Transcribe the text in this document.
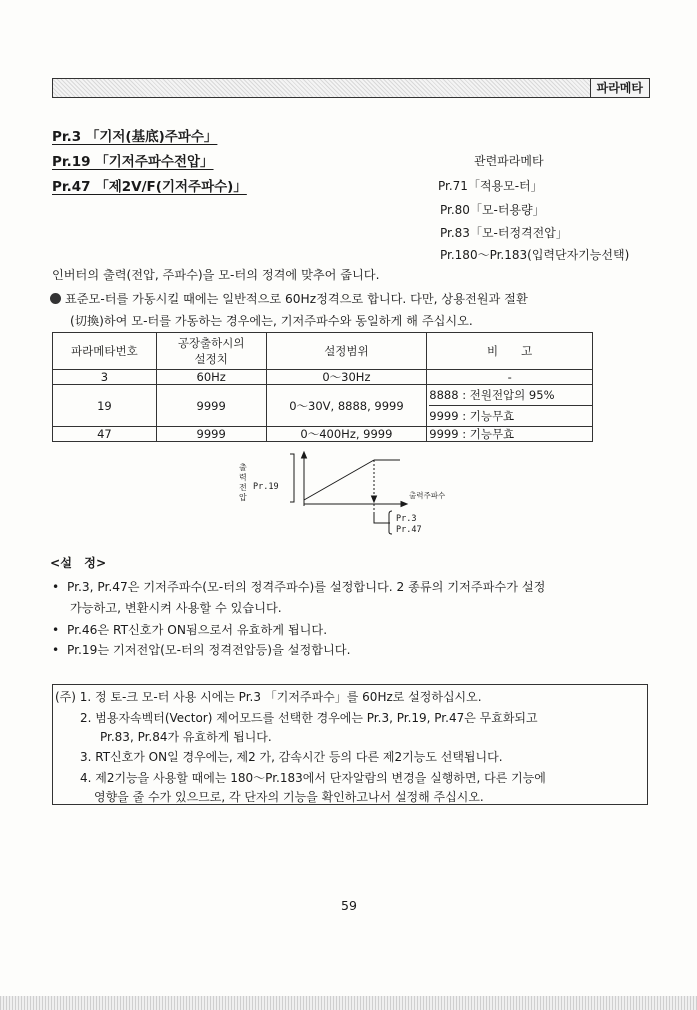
파라메타
Pr.3 「기저(基底)주파수」
Pr.19 「기저주파수전압」
Pr.47 「제2V/F(기저주파수)」
관련파라메타
Pr.71「적용모-터」
Pr.80「모-터용량」
Pr.83「모-터정격전압」
Pr.180～Pr.183(입력단자기능선택)
인버터의 출력(전압, 주파수)을 모-터의 정격에 맞추어 줍니다.
표준모-터를 가동시킬 때에는 일반적으로 60Hz정격으로 합니다. 다만, 상용전원과 절환
(切換)하여 모-터를 가동하는 경우에는, 기저주파수와 동일하게 해 주십시오.
파라메타번호	공장출하시의
설정치	설정범위	비　　고
3	60Hz	0～30Hz	-
19	9999	0～30V, 8888, 9999	8888 : 전원전압의 95%
9999 : 기능무효

47	9999	0～400Hz, 9999	9999 : 기능무효
출
력
전
압
Pr.19
출력주파수
Pr.3
Pr.47
<설　정>
• Pr.3, Pr.47은 기저주파수(모-터의 정격주파수)를 설정합니다. 2 종류의 기저주파수가 설정
가능하고, 변환시켜 사용할 수 있습니다.
• Pr.46은 RT신호가 ON됨으로서 유효하게 됩니다.
• Pr.19는 기저전압(모-터의 정격전압등)을 설정합니다.
(주) 1. 정 토-크 모-터 사용 시에는 Pr.3 「기저주파수」를 60Hz로 설정하십시오.
2. 범용자속벡터(Vector) 제어모드를 선택한 경우에는 Pr.3, Pr.19, Pr.47은 무효화되고
Pr.83, Pr.84가 유효하게 됩니다.
3. RT신호가 ON일 경우에는, 제2 가, 감속시간 등의 다른 제2기능도 선택됩니다.
4. 제2기능을 사용할 때에는 180～Pr.183에서 단자알람의 변경을 실행하면, 다른 기능에
영향을 줄 수가 있으므로, 각 단자의 기능을 확인하고나서 설정해 주십시오.
59
